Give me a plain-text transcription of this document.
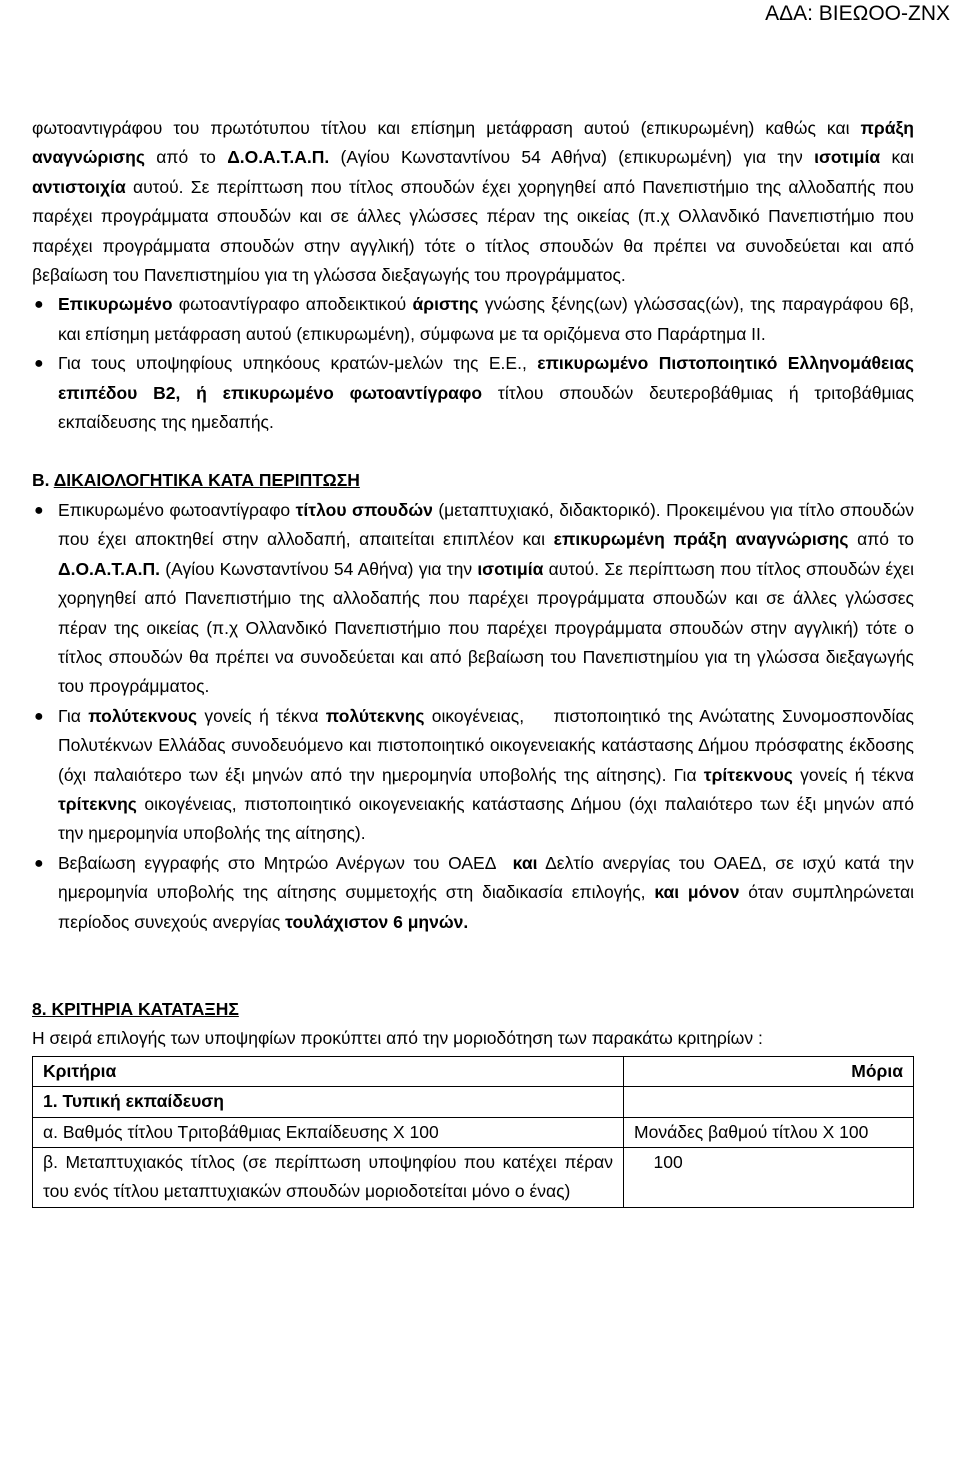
ΑΔΑ: ΒΙΕΩΟΟ-ΖΝΧ

φωτοαντιγράφου του πρωτότυπου τίτλου και επίσημη μετάφραση αυτού (επικυρωμένη) καθώς και πράξη αναγνώρισης από το Δ.Ο.Α.Τ.Α.Π. (Αγίου Κωνσταντίνου 54 Αθήνα) (επικυρωμένη) για την ισοτιμία και αντιστοιχία αυτού. Σε περίπτωση που τίτλος σπουδών έχει χορηγηθεί από Πανεπιστήμιο της αλλοδαπής που παρέχει προγράμματα σπουδών και σε άλλες γλώσσες πέραν της οικείας (π.χ Ολλανδικό Πανεπιστήμιο που παρέχει προγράμματα σπουδών στην αγγλική) τότε ο τίτλος σπουδών θα πρέπει να συνοδεύεται και από βεβαίωση του Πανεπιστημίου για τη γλώσσα διεξαγωγής του προγράμματος.

● Επικυρωμένο φωτοαντίγραφο αποδεικτικού άριστης γνώσης ξένης(ων) γλώσσας(ών), της παραγράφου 6β, και επίσημη μετάφραση αυτού (επικυρωμένη), σύμφωνα με τα οριζόμενα στο Παράρτημα ΙΙ.

● Για τους υποψηφίους υπηκόους κρατών-μελών της Ε.Ε., επικυρωμένο Πιστοποιητικό Ελληνομάθειας επιπέδου Β2, ή επικυρωμένο φωτοαντίγραφο τίτλου σπουδών δευτεροβάθμιας ή τριτοβάθμιας εκπαίδευσης της ημεδαπής.

Β. ΔΙΚΑΙΟΛΟΓΗΤΙΚΑ ΚΑΤΑ ΠΕΡΙΠΤΩΣΗ

● Επικυρωμένο φωτοαντίγραφο τίτλου σπουδών (μεταπτυχιακό, διδακτορικό). Προκειμένου για τίτλο σπουδών που έχει αποκτηθεί στην αλλοδαπή, απαιτείται επιπλέον και επικυρωμένη πράξη αναγνώρισης από το Δ.Ο.Α.Τ.Α.Π. (Αγίου Κωνσταντίνου 54 Αθήνα) για την ισοτιμία αυτού. Σε περίπτωση που τίτλος σπουδών έχει χορηγηθεί από Πανεπιστήμιο της αλλοδαπής που παρέχει προγράμματα σπουδών και σε άλλες γλώσσες πέραν της οικείας (π.χ Ολλανδικό Πανεπιστήμιο που παρέχει προγράμματα σπουδών στην αγγλική) τότε ο τίτλος σπουδών θα πρέπει να συνοδεύεται και από βεβαίωση του Πανεπιστημίου για τη γλώσσα διεξαγωγής του προγράμματος.

● Για πολύτεκνους γονείς ή τέκνα πολύτεκνης οικογένειας,    πιστοποιητικό της Ανώτατης Συνομοσπονδίας Πολυτέκνων Ελλάδας συνοδευόμενο και πιστοποιητικό οικογενειακής κατάστασης Δήμου πρόσφατης έκδοσης (όχι παλαιότερο των έξι μηνών από την ημερομηνία υποβολής της αίτησης). Για τρίτεκνους γονείς ή τέκνα τρίτεκνης οικογένειας, πιστοποιητικό οικογενειακής κατάστασης Δήμου (όχι παλαιότερο των έξι μηνών από την ημερομηνία υποβολής της αίτησης).

● Βεβαίωση εγγραφής στο Μητρώο Ανέργων του ΟΑΕΔ  και Δελτίο ανεργίας του ΟΑΕΔ, σε ισχύ κατά την ημερομηνία υποβολής της αίτησης συμμετοχής στη διαδικασία επιλογής, και μόνον όταν συμπληρώνεται περίοδος συνεχούς ανεργίας τουλάχιστον 6 μηνών.

8. ΚΡΙΤΗΡΙΑ ΚΑΤΑΤΑΞΗΣ

Η σειρά επιλογής των υποψηφίων προκύπτει από την μοριοδότηση των παρακάτω κριτηρίων :

Κριτήρια	Μόρια
1. Τυπική εκπαίδευση	
α. Βαθμός τίτλου Τριτοβάθμιας Εκπαίδευσης Χ 100	Μονάδες βαθμού τίτλου Χ 100
β. Μεταπτυχιακός τίτλος (σε περίπτωση υποψηφίου που κατέχει πέραν του ενός τίτλου μεταπτυχιακών σπουδών μοριοδοτείται μόνο ο ένας)	100
